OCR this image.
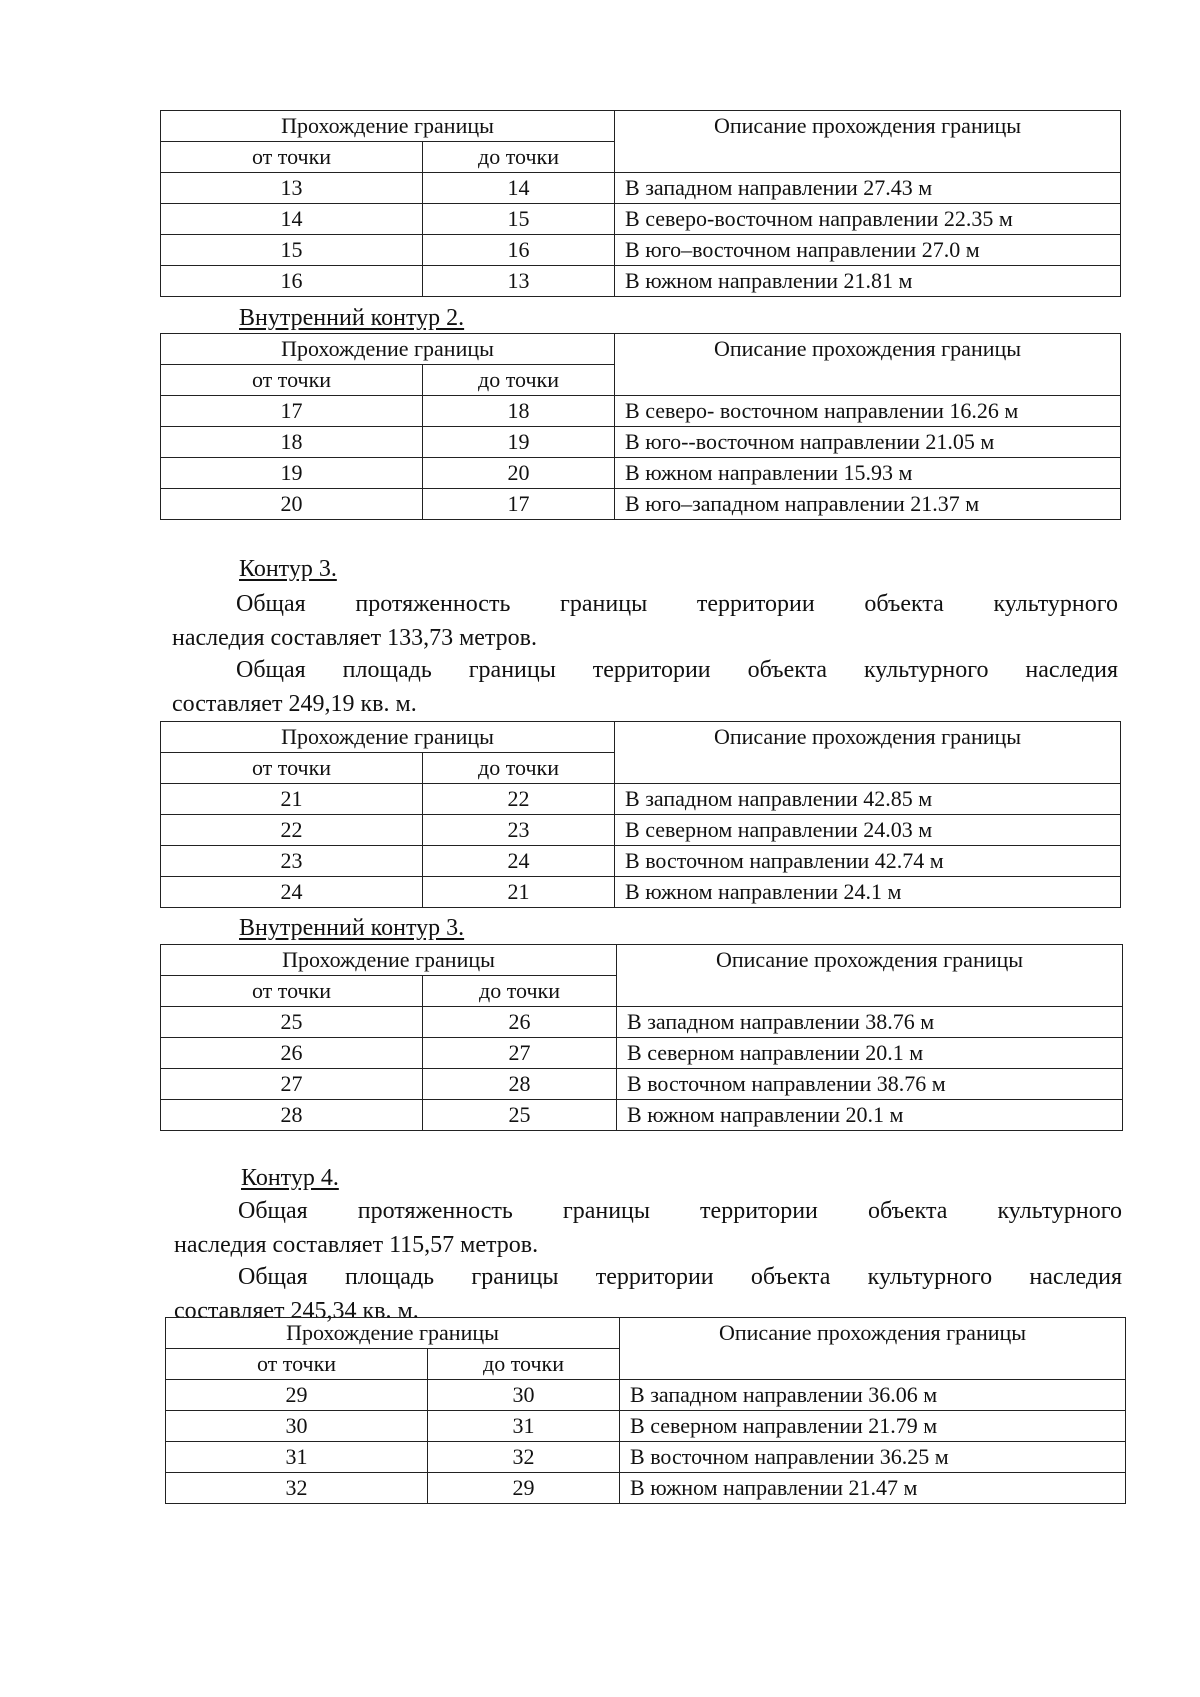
Прохождение границы		Описание прохождения границы
от точки	до точки	
13	14	В западном направлении 27.43 м
14	15	В северо-восточном направлении 22.35 м
15	16	В юго–восточном направлении 27.0 м
16	13	В южном направлении 21.81 м
Внутренний контур 2.
Прохождение границы		Описание прохождения границы
от точки	до точки	
17	18	В северо- восточном направлении 16.26 м
18	19	В юго--восточном направлении 21.05 м
19	20	В южном направлении 15.93 м
20	17	В юго–западном направлении 21.37 м
Контур 3.
Общая протяженность границы территории объекта культурного
наследия составляет 133,73 метров.
Общая площадь границы территории объекта культурного наследия
составляет 249,19 кв. м.
Прохождение границы		Описание прохождения границы
от точки	до точки	
21	22	В западном направлении 42.85 м
22	23	В северном направлении 24.03 м
23	24	В восточном направлении 42.74 м
24	21	В южном направлении 24.1 м
Внутренний контур 3.
Прохождение границы		Описание прохождения границы
от точки	до точки	
25	26	В западном направлении 38.76 м
26	27	В северном направлении 20.1 м
27	28	В восточном направлении 38.76 м
28	25	В южном направлении 20.1 м
Контур 4.
Общая протяженность границы территории объекта культурного
наследия составляет 115,57 метров.
Общая площадь границы территории объекта культурного наследия
составляет 245,34 кв. м.
Прохождение границы		Описание прохождения границы
от точки	до точки	
29	30	В западном направлении 36.06 м
30	31	В северном направлении 21.79 м
31	32	В восточном направлении 36.25 м
32	29	В южном направлении 21.47 м
